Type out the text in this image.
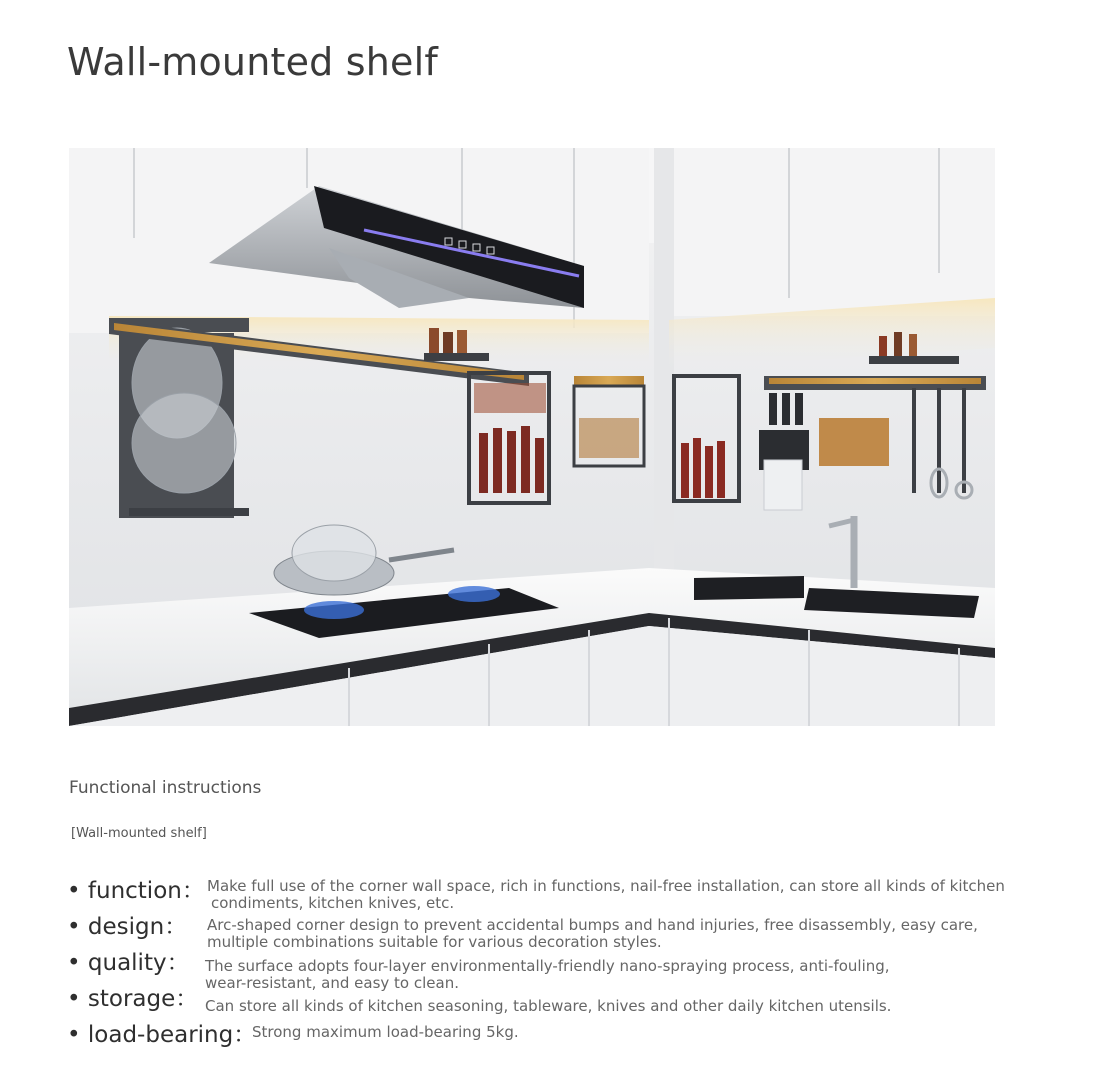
Wall-mounted shelf
Functional instructions
[Wall-mounted shelf]
• function： Make full use of the corner wall space, rich in functions, nail-free installation, can store all kinds of kitchen
condiments, kitchen knives, etc.
• design： Arc-shaped corner design to prevent accidental bumps and hand injuries, free disassembly, easy care,
multiple combinations suitable for various decoration styles.
• quality： The surface adopts four-layer environmentally-friendly nano-spraying process, anti-fouling,
wear-resistant, and easy to clean.
• storage： Can store all kinds of kitchen seasoning, tableware, knives and other daily kitchen utensils.
• load-bearing：
Strong maximum load-bearing 5kg.
